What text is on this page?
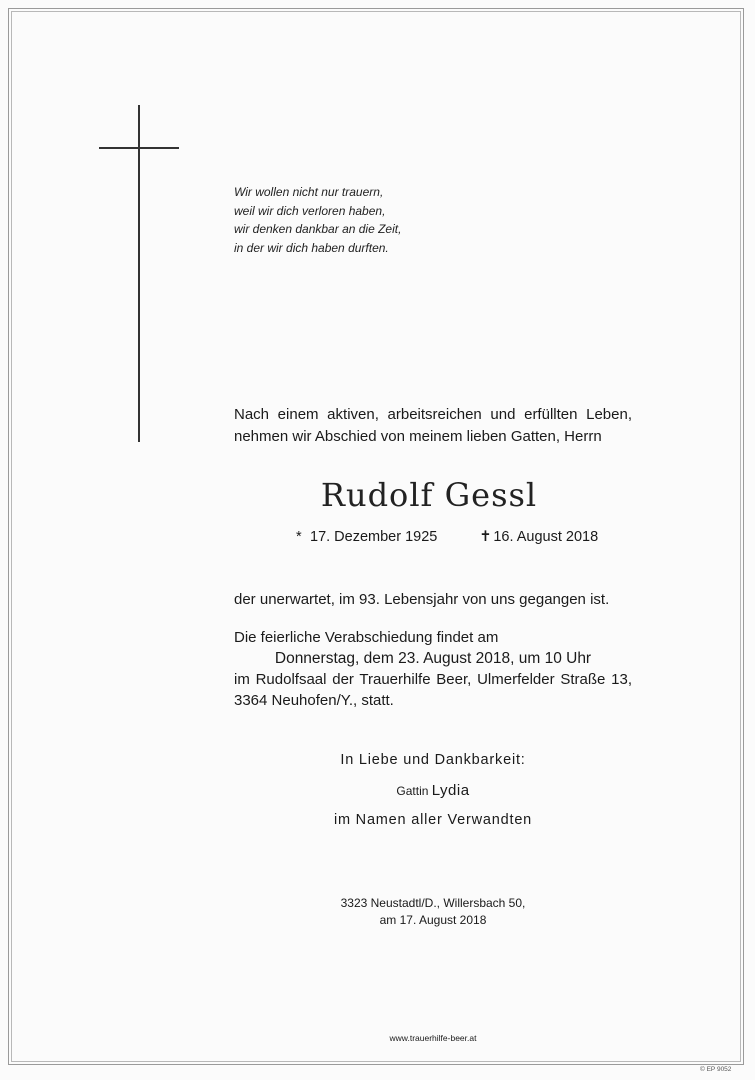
Wir wollen nicht nur trauern,
weil wir dich verloren haben,
wir denken dankbar an die Zeit,
in der wir dich haben durften.
Nach einem aktiven, arbeitsreichen und erfüllten Leben,
nehmen wir Abschied von meinem lieben Gatten, Herrn
Rudolf Gessl
* 17. Dezember 1925	✝ 16. August 2018
der unerwartet, im 93. Lebensjahr von uns gegangen ist.
Die feierliche Verabschiedung findet am
Donnerstag, dem 23. August 2018, um 10 Uhr
im Rudolfsaal der Trauerhilfe Beer, Ulmerfelder Straße 13,
3364 Neuhofen/Y., statt.
In Liebe und Dankbarkeit:
Gattin Lydia
im Namen aller Verwandten
3323 Neustadtl/D., Willersbach 50,
am 17. August 2018
www.trauerhilfe-beer.at
© EP 9052
